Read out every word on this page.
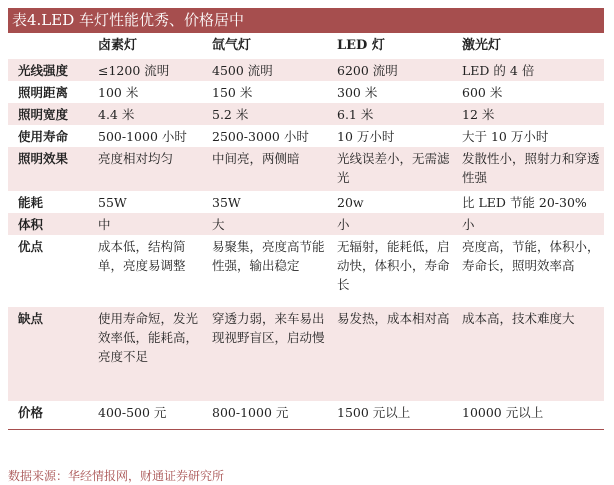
表4.LED 车灯性能优秀、价格居中
	卤素灯	氙气灯	LED 灯	激光灯
光线强度	≤1200 流明	4500 流明	6200 流明	LED 的 4 倍
照明距离	100 米	150 米	300 米	600 米
照明宽度	4.4 米	5.2 米	6.1 米	12 米
使用寿命	500-1000 小时	2500-3000 小时	10 万小时	大于 10 万小时
照明效果	亮度相对均匀	中间亮，两侧暗	光线误差小，无需滤光	发散性小，照射力和穿透性强
能耗	55W	35W	20w	比 LED 节能 20-30%
体积	中	大	小	小
优点	成本低，结构简单，亮度易调整	易聚集，亮度高节能性强，输出稳定	无辐射，能耗低，启动快，体积小，寿命长	亮度高，节能，体积小，寿命长，照明效率高
缺点	使用寿命短，发光效率低，能耗高，亮度不足	穿透力弱，来车易出现视野盲区，启动慢	易发热，成本相对高	成本高，技术难度大
价格	400-500 元	800-1000 元	1500 元以上	10000 元以上
数据来源：华经情报网，财通证券研究所
